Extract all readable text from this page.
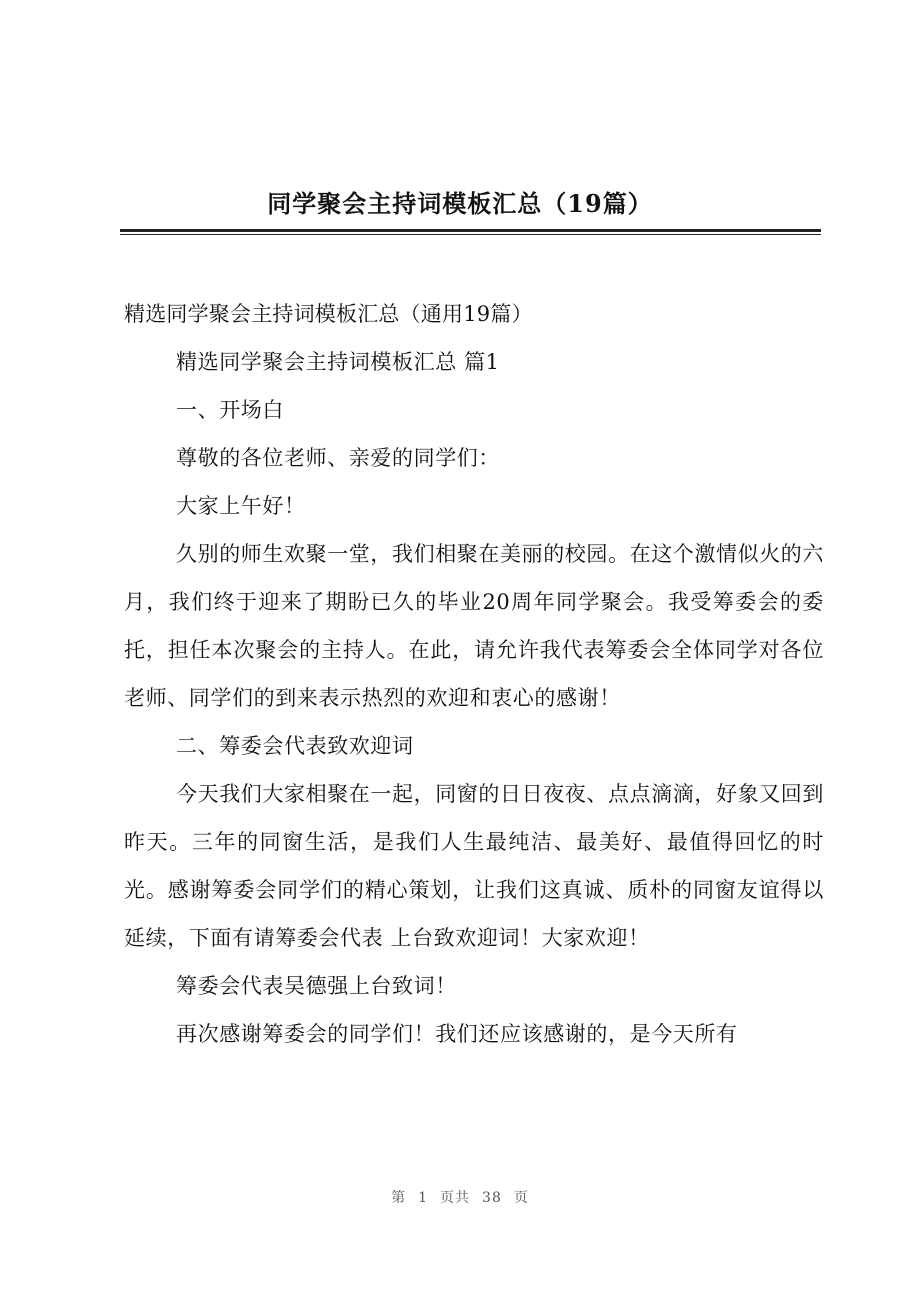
同学聚会主持词模板汇总（19篇）

精选同学聚会主持词模板汇总（通用19篇）

精选同学聚会主持词模板汇总 篇1

一、开场白

尊敬的各位老师、亲爱的同学们：

大家上午好！

久别的师生欢聚一堂，我们相聚在美丽的校园。在这个激情似火的六月，我们终于迎来了期盼已久的毕业20周年同学聚会。我受筹委会的委托，担任本次聚会的主持人。在此，请允许我代表筹委会全体同学对各位老师、同学们的到来表示热烈的欢迎和衷心的感谢！

二、筹委会代表致欢迎词

今天我们大家相聚在一起，同窗的日日夜夜、点点滴滴，好象又回到昨天。三年的同窗生活，是我们人生最纯洁、最美好、最值得回忆的时光。感谢筹委会同学们的精心策划，让我们这真诚、质朴的同窗友谊得以延续，下面有请筹委会代表 上台致欢迎词！大家欢迎！

筹委会代表吴德强上台致词！

再次感谢筹委会的同学们！我们还应该感谢的，是今天所有

第 1 页共 38 页
